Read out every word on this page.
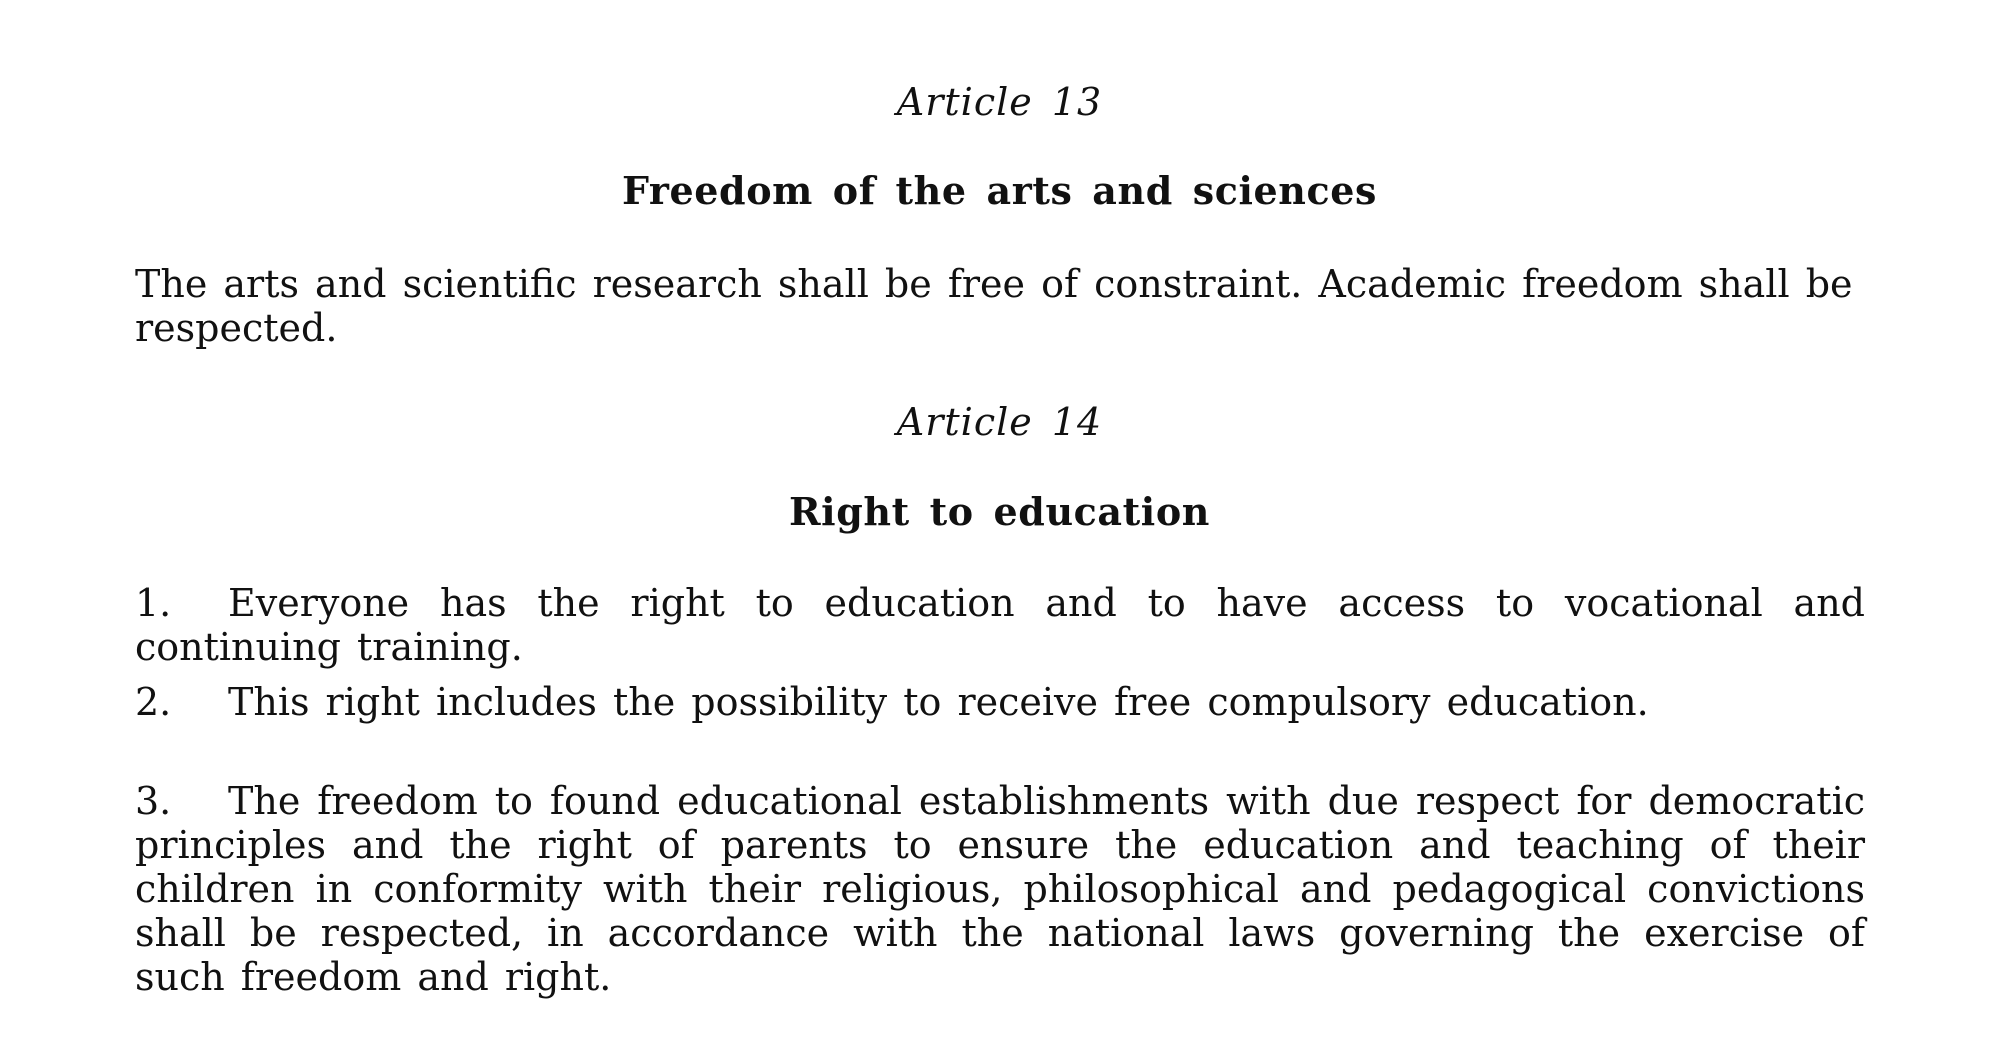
Article 13
Freedom of the arts and sciences
The arts and scientific research shall be free of constraint. Academic freedom shall be respected.
Article 14
Right to education
1. Everyone has the right to education and to have access to vocational and continuing training.
2. This right includes the possibility to receive free compulsory education.
3. The freedom to found educational establishments with due respect for democratic principles and the right of parents to ensure the education and teaching of their children in conformity with their religious, philosophical and pedagogical convictions shall be respected, in accordance with the national laws governing the exercise of such freedom and right.
